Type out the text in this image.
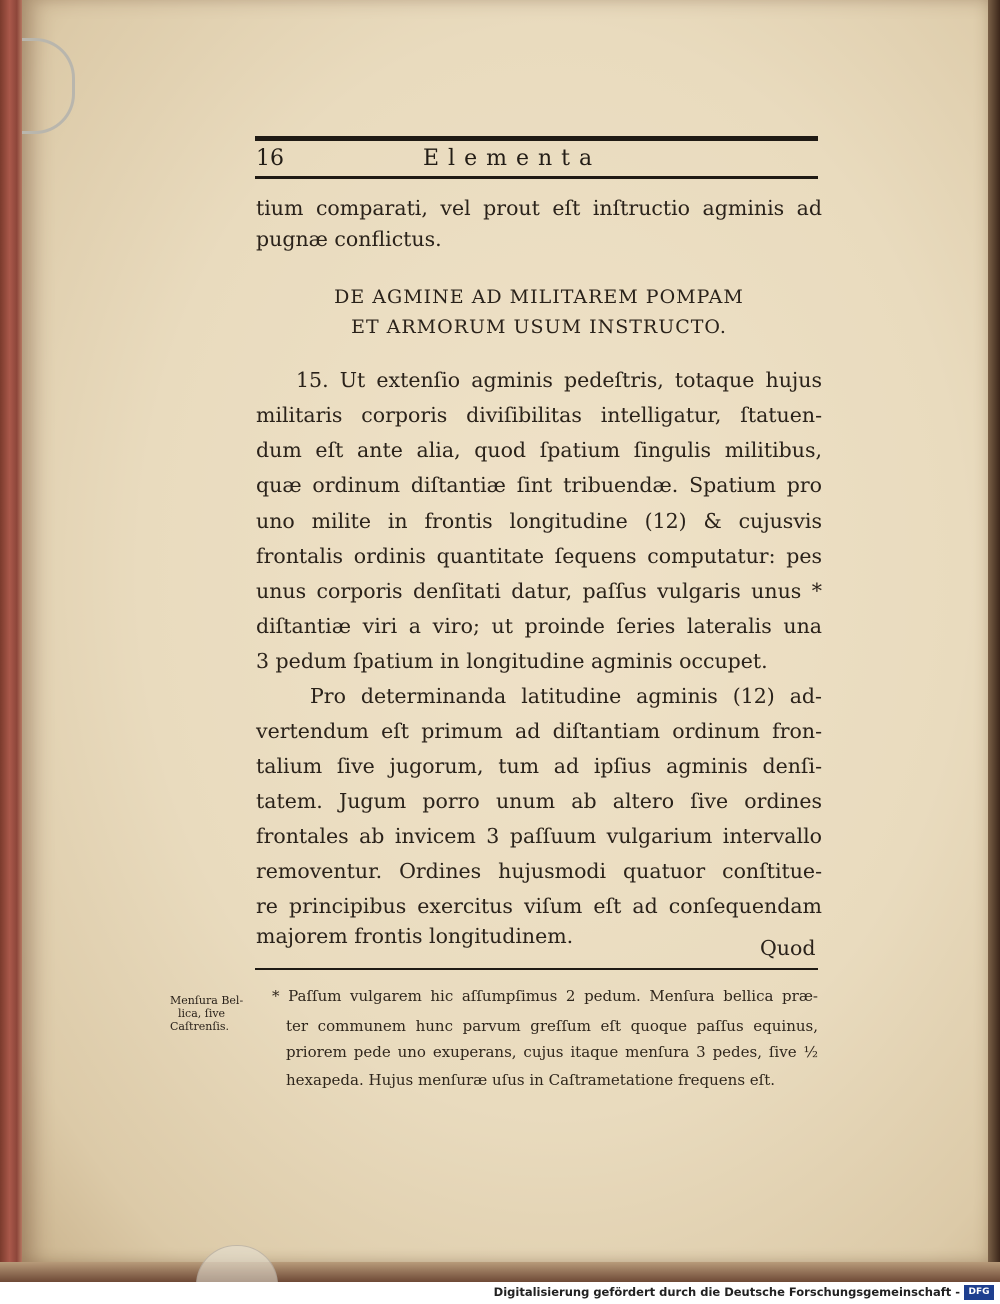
16	Elementa
tium comparati, vel prout eſt inſtructio agminis ad
pugnæ conflictus.
DE AGMINE AD MILITAREM POMPAM
ET ARMORUM USUM INSTRUCTO.
15. Ut extenſio agminis pedeſtris, totaque hujus
militaris corporis diviſibilitas intelligatur, ſtatuen-
dum eſt ante alia, quod ſpatium ſingulis militibus,
quæ ordinum diſtantiæ ſint tribuendæ. Spatium pro
uno milite in frontis longitudine (12) & cujusvis
frontalis ordinis quantitate ſequens computatur: pes
unus corporis denſitati datur, paſſus vulgaris unus *
diſtantiæ viri a viro; ut proinde ſeries lateralis una
3 pedum ſpatium in longitudine agminis occupet.
Pro determinanda latitudine agminis (12) ad-
vertendum eſt primum ad diſtantiam ordinum fron-
talium ſive jugorum, tum ad ipſius agminis denſi-
tatem. Jugum porro unum ab altero ſive ordines
frontales ab invicem 3 paſſuum vulgarium intervallo
removentur. Ordines hujusmodi quatuor conſtitue-
re principibus exercitus viſum eſt ad conſequendam
majorem frontis longitudinem.	Quod
Menſura Bel-
lica, ſive
Caſtrenſis.
* Paſſum vulgarem hic aſſumpſimus 2 pedum. Menſura bellica præ-
ter communem hunc parvum greſſum eſt quoque paſſus equinus,
priorem pede uno exuperans, cujus itaque menſura 3 pedes, ſive ½
hexapeda. Hujus menſuræ uſus in Caſtrametatione frequens eſt.
Digitalisierung gefördert durch die Deutsche Forschungsgemeinschaft - DFG
